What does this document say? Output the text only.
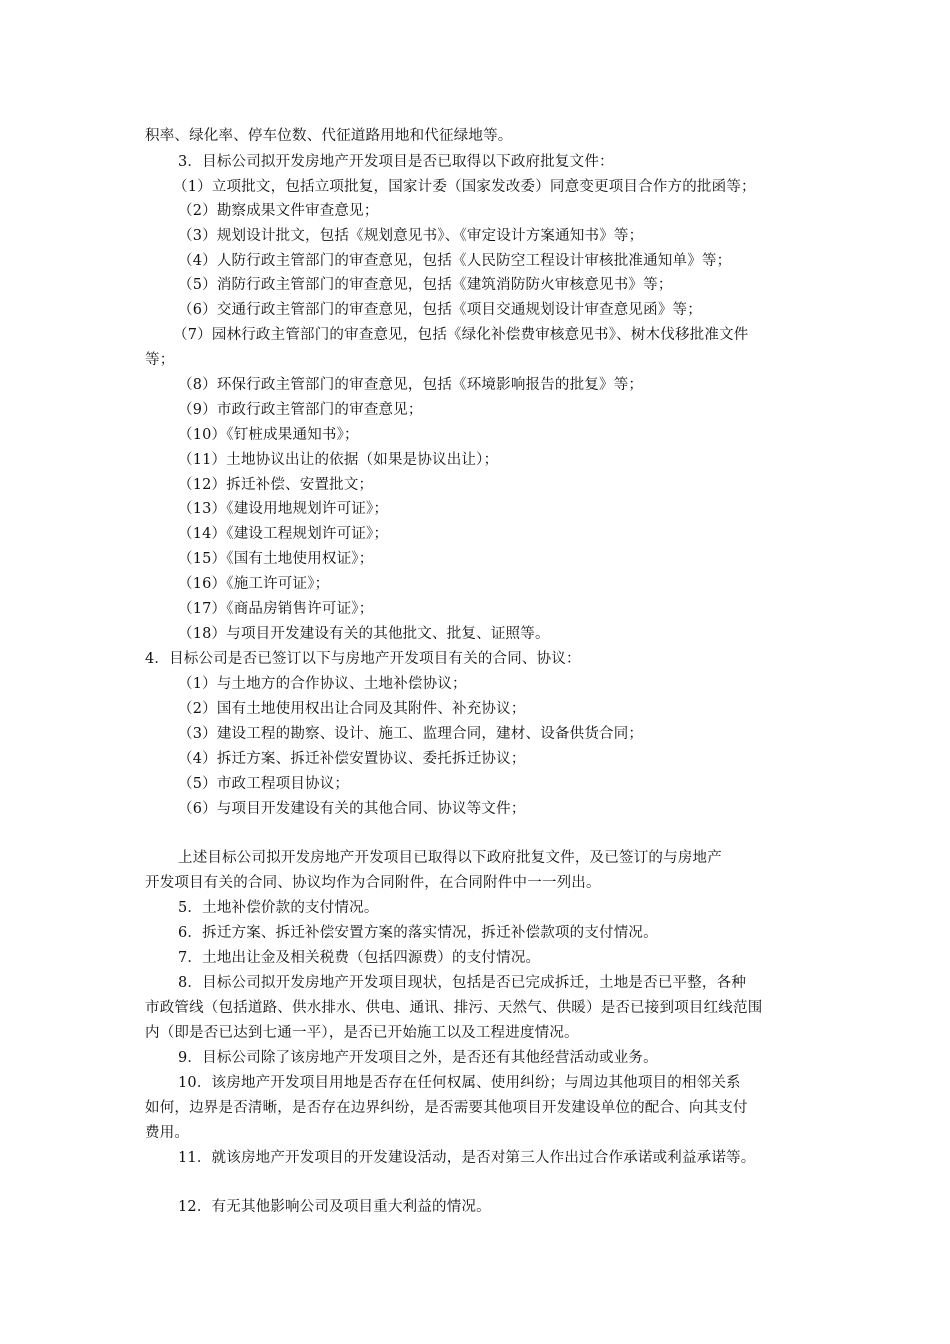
积率、绿化率、停车位数、代征道路用地和代征绿地等。
3．目标公司拟开发房地产开发项目是否已取得以下政府批复文件：
（1）立项批文，包括立项批复，国家计委（国家发改委）同意变更项目合作方的批函等；
（2）勘察成果文件审查意见；
（3）规划设计批文，包括《规划意见书》、《审定设计方案通知书》等；
（4）人防行政主管部门的审查意见，包括《人民防空工程设计审核批准通知单》等；
（5）消防行政主管部门的审查意见，包括《建筑消防防火审核意见书》等；
（6）交通行政主管部门的审查意见，包括《项目交通规划设计审查意见函》等；
（7）园林行政主管部门的审查意见，包括《绿化补偿费审核意见书》、树木伐移批准文件
等；
（8）环保行政主管部门的审查意见，包括《环境影响报告的批复》等；
（9）市政行政主管部门的审查意见；
（10）《钉桩成果通知书》；
（11）土地协议出让的依据（如果是协议出让）；
（12）拆迁补偿、安置批文；
（13）《建设用地规划许可证》；
（14）《建设工程规划许可证》；
（15）《国有土地使用权证》；
（16）《施工许可证》；
（17）《商品房销售许可证》；
（18）与项目开发建设有关的其他批文、批复、证照等。
4．目标公司是否已签订以下与房地产开发项目有关的合同、协议：
（1）与土地方的合作协议、土地补偿协议；
（2）国有土地使用权出让合同及其附件、补充协议；
（3）建设工程的勘察、设计、施工、监理合同，建材、设备供货合同；
（4）拆迁方案、拆迁补偿安置协议、委托拆迁协议；
（5）市政工程项目协议；
（6）与项目开发建设有关的其他合同、协议等文件；
上述目标公司拟开发房地产开发项目已取得以下政府批复文件，及已签订的与房地产
开发项目有关的合同、协议均作为合同附件，在合同附件中一一列出。
5．土地补偿价款的支付情况。
6．拆迁方案、拆迁补偿安置方案的落实情况，拆迁补偿款项的支付情况。
7．土地出让金及相关税费（包括四源费）的支付情况。
8．目标公司拟开发房地产开发项目现状，包括是否已完成拆迁，土地是否已平整，各种
市政管线（包括道路、供水排水、供电、通讯、排污、天然气、供暖）是否已接到项目红线范围
内（即是否已达到七通一平），是否已开始施工以及工程进度情况。
9．目标公司除了该房地产开发项目之外，是否还有其他经营活动或业务。
10．该房地产开发项目用地是否存在任何权属、使用纠纷；与周边其他项目的相邻关系
如何，边界是否清晰，是否存在边界纠纷，是否需要其他项目开发建设单位的配合、向其支付
费用。
11．就该房地产开发项目的开发建设活动，是否对第三人作出过合作承诺或利益承诺等。
12．有无其他影响公司及项目重大利益的情况。
